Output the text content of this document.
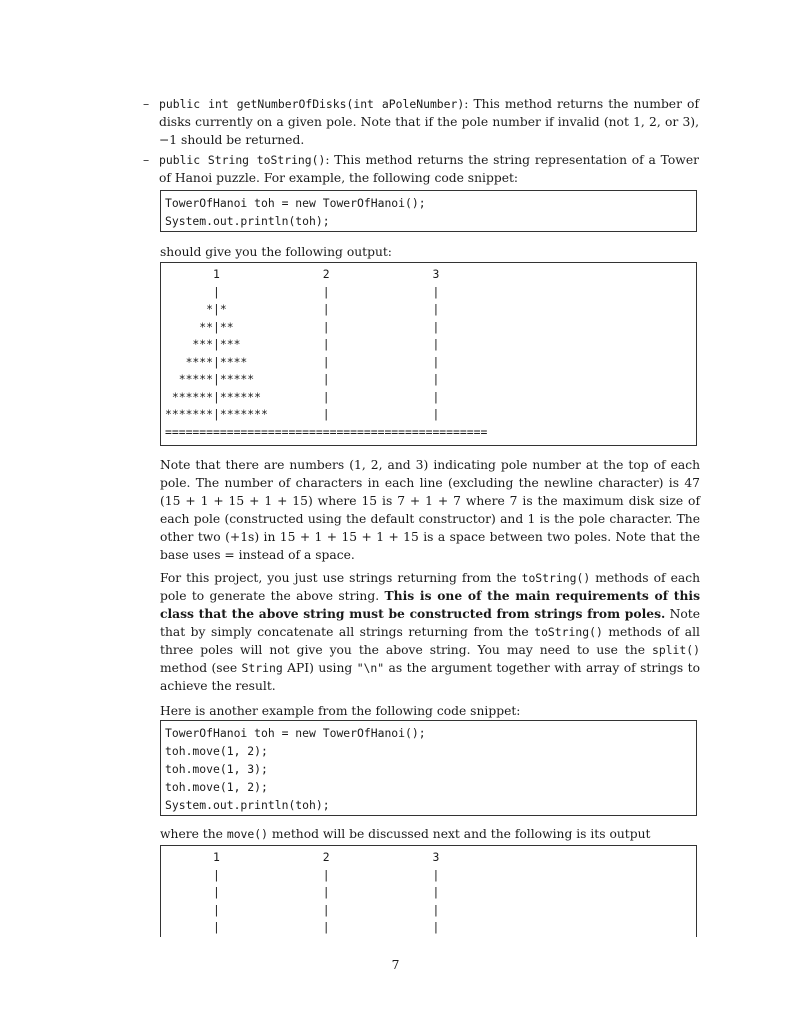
– public int getNumberOfDisks(int aPoleNumber): This method returns the number of disks currently on a given pole. Note that if the pole number if invalid (not 1, 2, or 3), −1 should be returned.
– public String toString(): This method returns the string representation of a Tower of Hanoi puzzle. For example, the following code snippet:
TowerOfHanoi toh = new TowerOfHanoi();
System.out.println(toh);
should give you the following output:
1               2               3
|               |               |
*|*              |               |
**|**             |               |
***|***            |               |
****|****           |               |
*****|*****          |               |
******|******         |               |
*******|*******        |               |
===============================================
Note that there are numbers (1, 2, and 3) indicating pole number at the top of each pole. The number of characters in each line (excluding the newline character) is 47 (15 + 1 + 15 + 1 + 15) where 15 is 7 + 1 + 7 where 7 is the maximum disk size of each pole (constructed using the default constructor) and 1 is the pole character. The other two (+1s) in 15 + 1 + 15 + 1 + 15 is a space between two poles. Note that the base uses = instead of a space.
For this project, you just use strings returning from the toString() methods of each pole to generate the above string. This is one of the main requirements of this class that the above string must be constructed from strings from poles. Note that by simply concatenate all strings returning from the toString() methods of all three poles will not give you the above string. You may need to use the split() method (see String API) using "\n" as the argument together with array of strings to achieve the result.
Here is another example from the following code snippet:
TowerOfHanoi toh = new TowerOfHanoi();
toh.move(1, 2);
toh.move(1, 3);
toh.move(1, 2);
System.out.println(toh);
where the move() method will be discussed next and the following is its output
1               2               3
|               |               |
|               |               |
|               |               |
|               |               |
7
